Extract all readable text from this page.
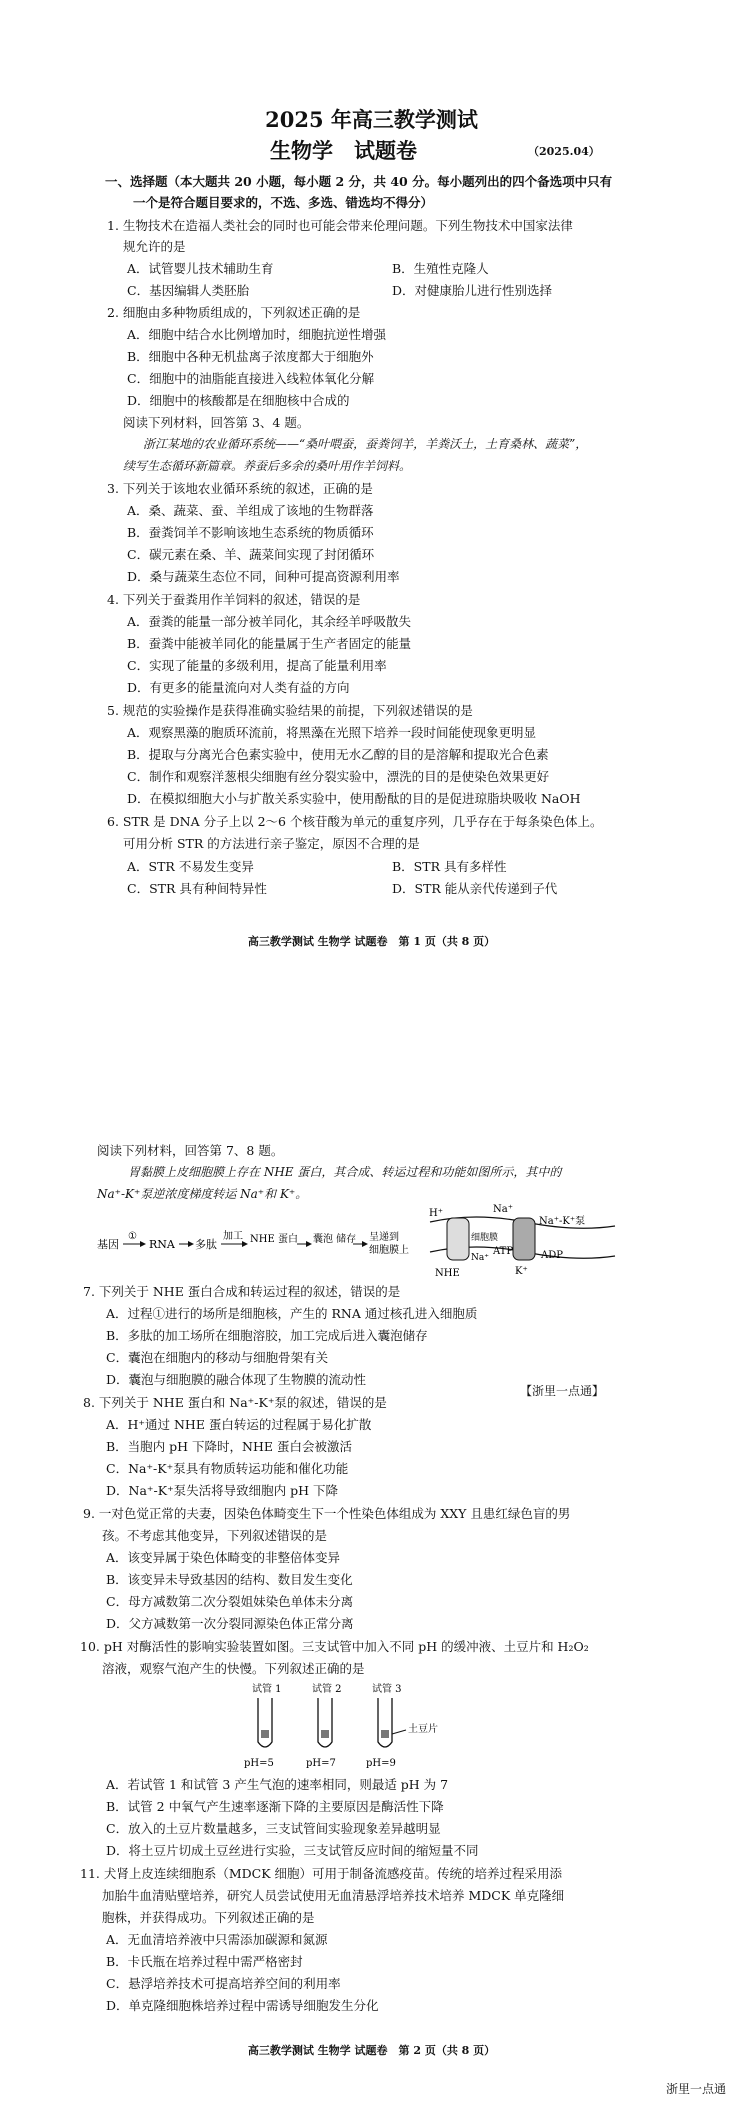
2025 年高三教学测试
生物学　试题卷	（2025.04）
一、选择题（本大题共 20 小题，每小题 2 分，共 40 分。每小题列出的四个备选项中只有
一个是符合题目要求的，不选、多选、错选均不得分）
1. 生物技术在造福人类社会的同时也可能会带来伦理问题。下列生物技术中国家法律
规允许的是
A．试管婴儿技术辅助生育	B．生殖性克隆人
C．基因编辑人类胚胎	D．对健康胎儿进行性别选择
2. 细胞由多种物质组成的，下列叙述正确的是
A．细胞中结合水比例增加时，细胞抗逆性增强
B．细胞中各种无机盐离子浓度都大于细胞外
C．细胞中的油脂能直接进入线粒体氧化分解
D．细胞中的核酸都是在细胞核中合成的
阅读下列材料，回答第 3、4 题。
浙江某地的农业循环系统——“桑叶喂蚕，蚕粪饲羊，羊粪沃土，土育桑林、蔬菜”，
续写生态循环新篇章。养蚕后多余的桑叶用作羊饲料。
3. 下列关于该地农业循环系统的叙述，正确的是
A．桑、蔬菜、蚕、羊组成了该地的生物群落
B．蚕粪饲羊不影响该地生态系统的物质循环
C．碳元素在桑、羊、蔬菜间实现了封闭循环
D．桑与蔬菜生态位不同，间种可提高资源利用率
4. 下列关于蚕粪用作羊饲料的叙述，错误的是
A．蚕粪的能量一部分被羊同化，其余经羊呼吸散失
B．蚕粪中能被羊同化的能量属于生产者固定的能量
C．实现了能量的多级利用，提高了能量利用率
D．有更多的能量流向对人类有益的方向
5. 规范的实验操作是获得准确实验结果的前提，下列叙述错误的是
A．观察黑藻的胞质环流前，将黑藻在光照下培养一段时间能使现象更明显
B．提取与分离光合色素实验中，使用无水乙醇的目的是溶解和提取光合色素
C．制作和观察洋葱根尖细胞有丝分裂实验中，漂洗的目的是使染色效果更好
D．在模拟细胞大小与扩散关系实验中，使用酚酞的目的是促进琼脂块吸收 NaOH
6. STR 是 DNA 分子上以 2～6 个核苷酸为单元的重复序列，几乎存在于每条染色体上。
可用分析 STR 的方法进行亲子鉴定，原因不合理的是
A．STR 不易发生变异	B．STR 具有多样性
C．STR 具有种间特异性	D．STR 能从亲代传递到子代
高三教学测试 生物学 试题卷　第 1 页（共 8 页）
阅读下列材料，回答第 7、8 题。
胃黏膜上皮细胞膜上存在 NHE 蛋白，其合成、转运过程和功能如图所示，其中的
Na⁺-K⁺泵逆浓度梯度转运 Na⁺和 K⁺。
基因
①
RNA 多肽
加工 NHE 蛋白 囊泡 储存 呈递到
细胞膜上
H⁺	Na⁺
Na⁺
细胞膜
NHE
Na⁺-K⁺泵
ATP	ADP
K⁺
7. 下列关于 NHE 蛋白合成和转运过程的叙述，错误的是
A．过程①进行的场所是细胞核，产生的 RNA 通过核孔进入细胞质
B．多肽的加工场所在细胞溶胶，加工完成后进入囊泡储存
C．囊泡在细胞内的移动与细胞骨架有关
D．囊泡与细胞膜的融合体现了生物膜的流动性
【浙里一点通】
8. 下列关于 NHE 蛋白和 Na⁺-K⁺泵的叙述，错误的是
A．H⁺通过 NHE 蛋白转运的过程属于易化扩散
B．当胞内 pH 下降时，NHE 蛋白会被激活
C．Na⁺-K⁺泵具有物质转运功能和催化功能
D．Na⁺-K⁺泵失活将导致细胞内 pH 下降
9. 一对色觉正常的夫妻，因染色体畸变生下一个性染色体组成为 XXY 且患红绿色盲的男
孩。不考虑其他变异，下列叙述错误的是
A．该变异属于染色体畸变的非整倍体变异
B．该变异未导致基因的结构、数目发生变化
C．母方减数第二次分裂姐妹染色单体未分离
D．父方减数第一次分裂同源染色体正常分离
10. pH 对酶活性的影响实验装置如图。三支试管中加入不同 pH 的缓冲液、土豆片和 H₂O₂
溶液，观察气泡产生的快慢。下列叙述正确的是
试管 1	试管 2	试管 3
土豆片
pH=5	pH=7	pH=9
A．若试管 1 和试管 3 产生气泡的速率相同，则最适 pH 为 7
B．试管 2 中氧气产生速率逐渐下降的主要原因是酶活性下降
C．放入的土豆片数量越多，三支试管间实验现象差异越明显
D．将土豆片切成土豆丝进行实验，三支试管反应时间的缩短量不同
11. 犬肾上皮连续细胞系（MDCK 细胞）可用于制备流感疫苗。传统的培养过程采用添
加胎牛血清贴壁培养，研究人员尝试使用无血清悬浮培养技术培养 MDCK 单克隆细
胞株，并获得成功。下列叙述正确的是
A．无血清培养液中只需添加碳源和氮源
B．卡氏瓶在培养过程中需严格密封
C．悬浮培养技术可提高培养空间的利用率
D．单克隆细胞株培养过程中需诱导细胞发生分化
高三教学测试 生物学 试题卷　第 2 页（共 8 页）
浙里一点通
